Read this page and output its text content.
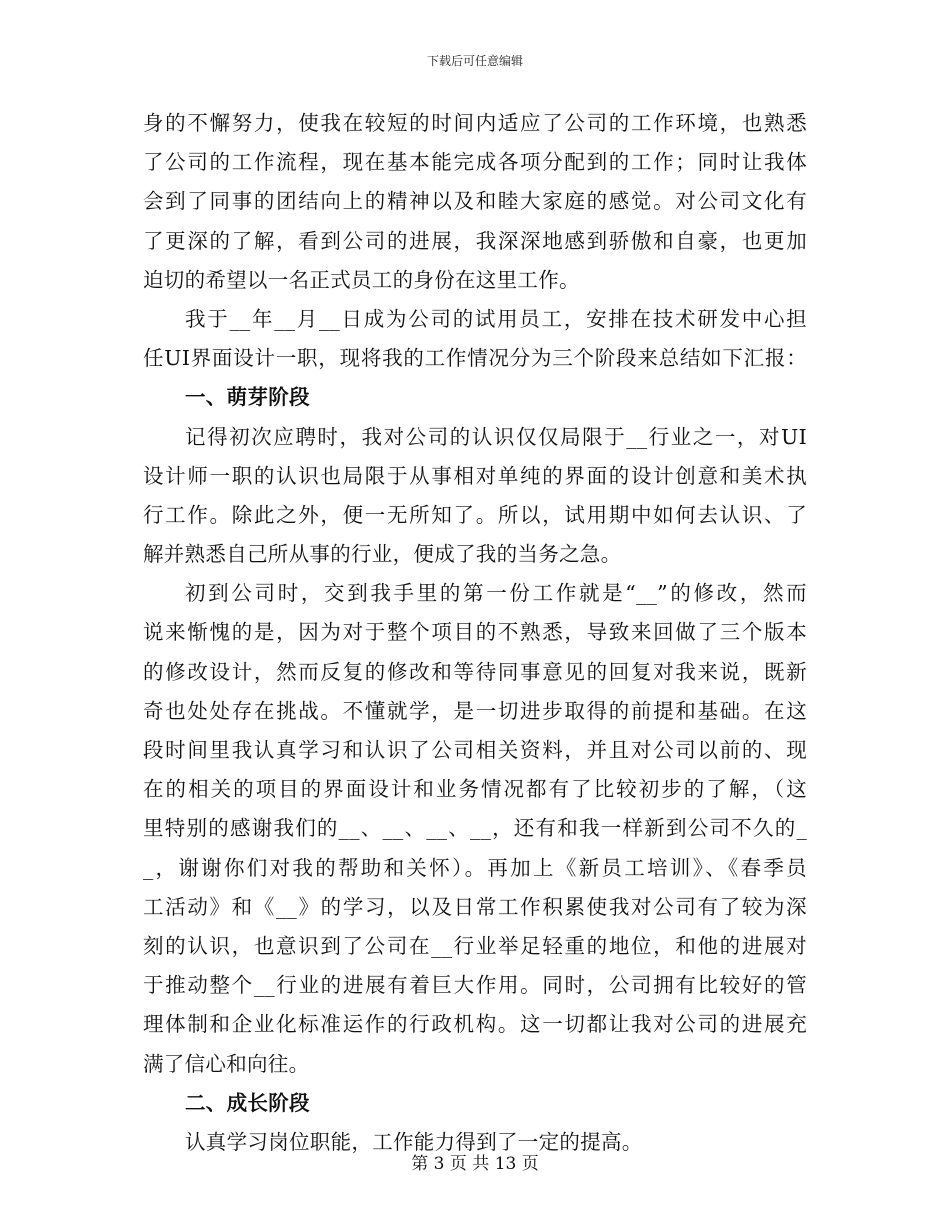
下载后可任意编辑
身的不懈努力，使我在较短的时间内适应了公司的工作环境，也熟悉
了公司的工作流程，现在基本能完成各项分配到的工作；同时让我体
会到了同事的团结向上的精神以及和睦大家庭的感觉。对公司文化有
了更深的了解，看到公司的进展，我深深地感到骄傲和自豪，也更加
迫切的希望以一名正式员工的身份在这里工作。
我于__年__月__日成为公司的试用员工，安排在技术研发中心担
任UI界面设计一职，现将我的工作情况分为三个阶段来总结如下汇报：
一、萌芽阶段
记得初次应聘时，我对公司的认识仅仅局限于__行业之一，对UI
设计师一职的认识也局限于从事相对单纯的界面的设计创意和美术执
行工作。除此之外，便一无所知了。所以，试用期中如何去认识、了
解并熟悉自己所从事的行业，便成了我的当务之急。
初到公司时，交到我手里的第一份工作就是“__”的修改，然而
说来惭愧的是，因为对于整个项目的不熟悉，导致来回做了三个版本
的修改设计，然而反复的修改和等待同事意见的回复对我来说，既新
奇也处处存在挑战。不懂就学，是一切进步取得的前提和基础。在这
段时间里我认真学习和认识了公司相关资料，并且对公司以前的、现
在的相关的项目的界面设计和业务情况都有了比较初步的了解，（这
里特别的感谢我们的__、__、__、__，还有和我一样新到公司不久的_
_，谢谢你们对我的帮助和关怀）。再加上《新员工培训》、《春季员
工活动》和《__》的学习，以及日常工作积累使我对公司有了较为深
刻的认识，也意识到了公司在__行业举足轻重的地位，和他的进展对
于推动整个__行业的进展有着巨大作用。同时，公司拥有比较好的管
理体制和企业化标准运作的行政机构。这一切都让我对公司的进展充
满了信心和向往。
二、成长阶段
认真学习岗位职能，工作能力得到了一定的提高。
第 3 页 共 13 页
